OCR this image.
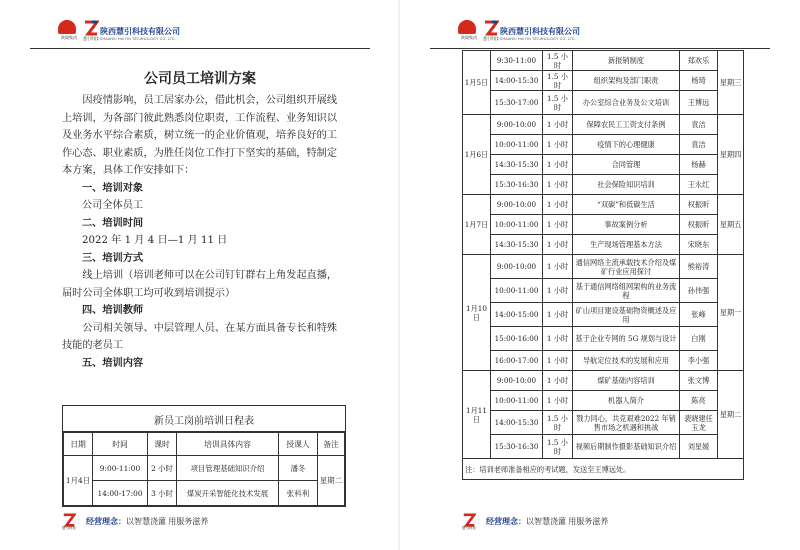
陕煤集团	慧引科技
陕西慧引科技有限公司
SHAANXI HUIYIN TECHNOLOGY CO.,LTD.
公司员工培训方案

因疫情影响，员工居家办公，借此机会，公司组织开展线上培训，为各部门彼此熟悉岗位职责，工作流程、业务知识以及业务水平综合素质，树立统一的企业价值观，培养良好的工作心态、职业素质，为胜任岗位工作打下坚实的基础，特制定本方案，具体工作安排如下：

一、培训对象

公司全体员工

二、培训时间

2022 年 1 月 4 日—1 月 11 日

三、培训方式

线上培训（培训老师可以在公司钉钉群右上角发起直播，届时公司全体职工均可收到培训提示）

四、培训教师

公司相关领导、中层管理人员、在某方面具备专长和特殊技能的老员工

五、培训内容

新员工岗前培训日程表
日期	时间	课时	培训具体内容	授课人	备注
1月4日	9:00-11:00	2 小时	项目管理基础知识介绍	潘冬	星期二
	14:00-17:00	3 小时	煤炭开采智能化技术发展	张科利	
慧引科技
经营理念：以智慧浇灌 用服务滋养
陕煤集团	慧引科技
陕西慧引科技有限公司
SHAANXI HUIYIN TECHNOLOGY CO.,LTD.
慧引科技
经营理念：以智慧浇灌 用服务滋养
1月5日	9:30-11:00	1.5 小时	新报销制度	郑欢乐	星期三
	14:00-15:30	1.5 小时	组织架构及部门职责	杨琦	
	15:30-17:00	1.5 小时	办公室综合业务及公文培训	王博远	
1月6日	9:00-10:00	1 小时	保障农民工工资支付条例	袁洁	星期四
	10:00-11:00	1 小时	疫情下的心理健康	袁洁	
	14:30-15:30	1 小时	合同管理	杨赫	
	15:30-16:30	1 小时	社会保险知识培训	王永红	
1月7日	9:00-10:00	1 小时	“双碳”和低碳生活	权振昕	星期五
	10:00-11:00	1 小时	事故案例分析	权振昕	
	14:30-15:30	1 小时	生产现场管理基本方法	宋晓东	
1月10日	9:00-10:00	1 小时	通信网络主流承载技术介绍及煤矿行业应用探讨	熊裕涛	星期一
	10:00-11:00	1 小时	基于通信网络组网架构的业务流程	孙伟强	
	14:00-15:00	1 小时	矿山项目建设基础物资概述及应用	张峰	
	15:00-16:00	1 小时	基于企业专网的 5G 规划与设计	白刚	
	16:00-17:00	1 小时	导航定位技术的发展和应用	李小强	
1月11日	9:00-10:00	1 小时	煤矿基础内容培训	张文博	星期二
	10:00-11:00	1 小时	机器人简介	陈亮	
	14:00-15:30	1.5 小时	戮力同心，共克艰难2022 年销售市场之机遇和挑战	裴晓建任玉龙	
	15:30-16:30	1.5 小时	视频后期制作摄影基础知识介绍	刘星媛	
注：培训老师准备相应的考试题，发送至王博远处。					
